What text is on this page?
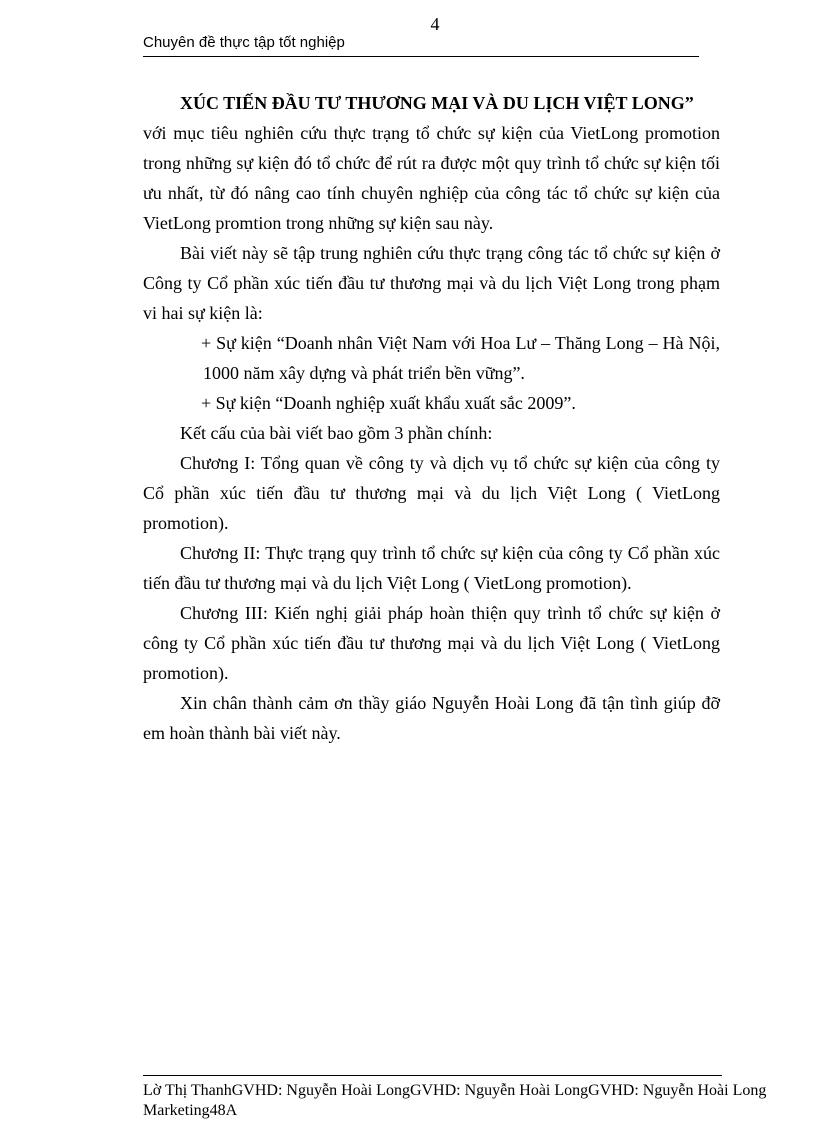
4
Chuyên đề thực tập tốt nghiệp

XÚC TIẾN ĐẦU TƯ THƯƠNG MẠI VÀ DU LỊCH VIỆT LONG”

với mục tiêu nghiên cứu thực trạng tổ chức sự kiện của VietLong promotion trong những sự kiện đó tổ chức để rút ra được một quy trình tổ chức sự kiện tối ưu nhất, từ đó nâng cao tính chuyên nghiệp của công tác tổ chức sự kiện của VietLong promtion trong những sự kiện sau này.

Bài viết này sẽ tập trung nghiên cứu thực trạng công tác tổ chức sự kiện ở Công ty Cổ phần xúc tiến đầu tư thương mại và du lịch Việt Long trong phạm vi hai sự kiện là:

+ Sự kiện “Doanh nhân Việt Nam với Hoa Lư – Thăng Long – Hà Nội, 1000 năm xây dựng và phát triển bền vững”.

+ Sự kiện “Doanh nghiệp xuất khẩu xuất sắc 2009”.

Kết cấu của bài viết bao gồm 3 phần chính:

Chương I: Tổng quan về công ty và dịch vụ tổ chức sự kiện của công ty Cổ phần xúc tiến đầu tư thương mại và du lịch Việt Long ( VietLong promotion).

Chương II: Thực trạng quy trình tổ chức sự kiện của công ty Cổ phần xúc tiến đầu tư thương mại và du lịch Việt Long ( VietLong promotion).

Chương III: Kiến nghị giải pháp hoàn thiện quy trình tổ chức sự kiện ở công ty Cổ phần xúc tiến đầu tư thương mại và du lịch Việt Long ( VietLong promotion).

Xin chân thành cảm ơn thầy giáo Nguyễn Hoài Long đã tận tình giúp đỡ em hoàn thành bài viết này.

Lờ Thị ThanhGVHD: Nguyễn Hoài LongGVHD: Nguyễn Hoài LongGVHD: Nguyễn Hoài Long
Marketing48A
